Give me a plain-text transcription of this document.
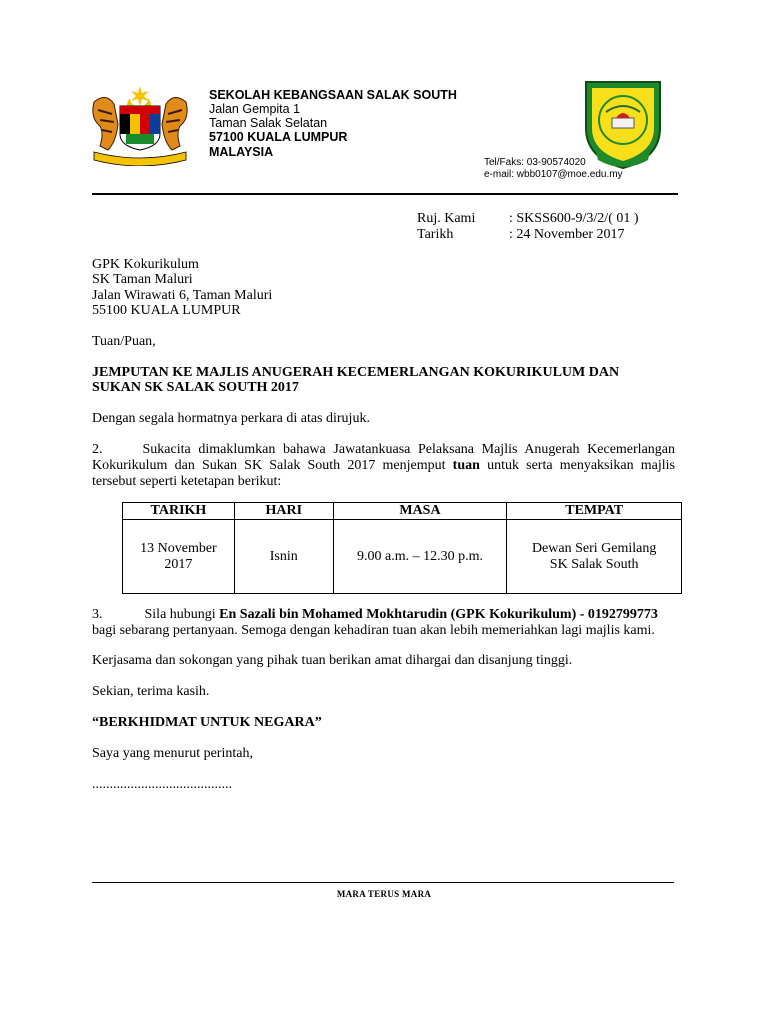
SEKOLAH KEBANGSAAN SALAK SOUTH
Jalan Gempita 1
Taman Salak Selatan
57100 KUALA LUMPUR
MALAYSIA
Tel/Faks: 03-90574020
e-mail: wbb0107@moe.edu.my
Ruj. Kami : SKSS600-9/3/2/( 01 )
Tarikh	: 24 November 2017
GPK Kokurikulum
SK Taman Maluri
Jalan Wirawati 6, Taman Maluri
55100 KUALA LUMPUR
Tuan/Puan,
JEMPUTAN KE MAJLIS ANUGERAH KECEMERLANGAN KOKURIKULUM DAN
SUKAN SK SALAK SOUTH 2017
Dengan segala hormatnya perkara di atas dirujuk.
2.	Sukacita dimaklumkan bahawa Jawatankuasa Pelaksana Majlis Anugerah Kecemerlangan
Kokurikulum dan Sukan SK Salak South 2017 menjemput tuan untuk serta menyaksikan majlis
tersebut seperti ketetapan berikut:
TARIKH	HARI	MASA	TEMPAT
13 November
2017	Isnin	9.00 a.m. – 12.30 p.m.	Dewan Seri Gemilang
SK Salak South
3.	Sila hubungi En Sazali bin Mohamed Mokhtarudin (GPK Kokurikulum) - 0192799773
bagi sebarang pertanyaan. Semoga dengan kehadiran tuan akan lebih memeriahkan lagi majlis kami.
Kerjasama dan sokongan yang pihak tuan berikan amat dihargai dan disanjung tinggi.
Sekian, terima kasih.
“BERKHIDMAT UNTUK NEGARA”
Saya yang menurut perintah,
........................................
MARA TERUS MARA
